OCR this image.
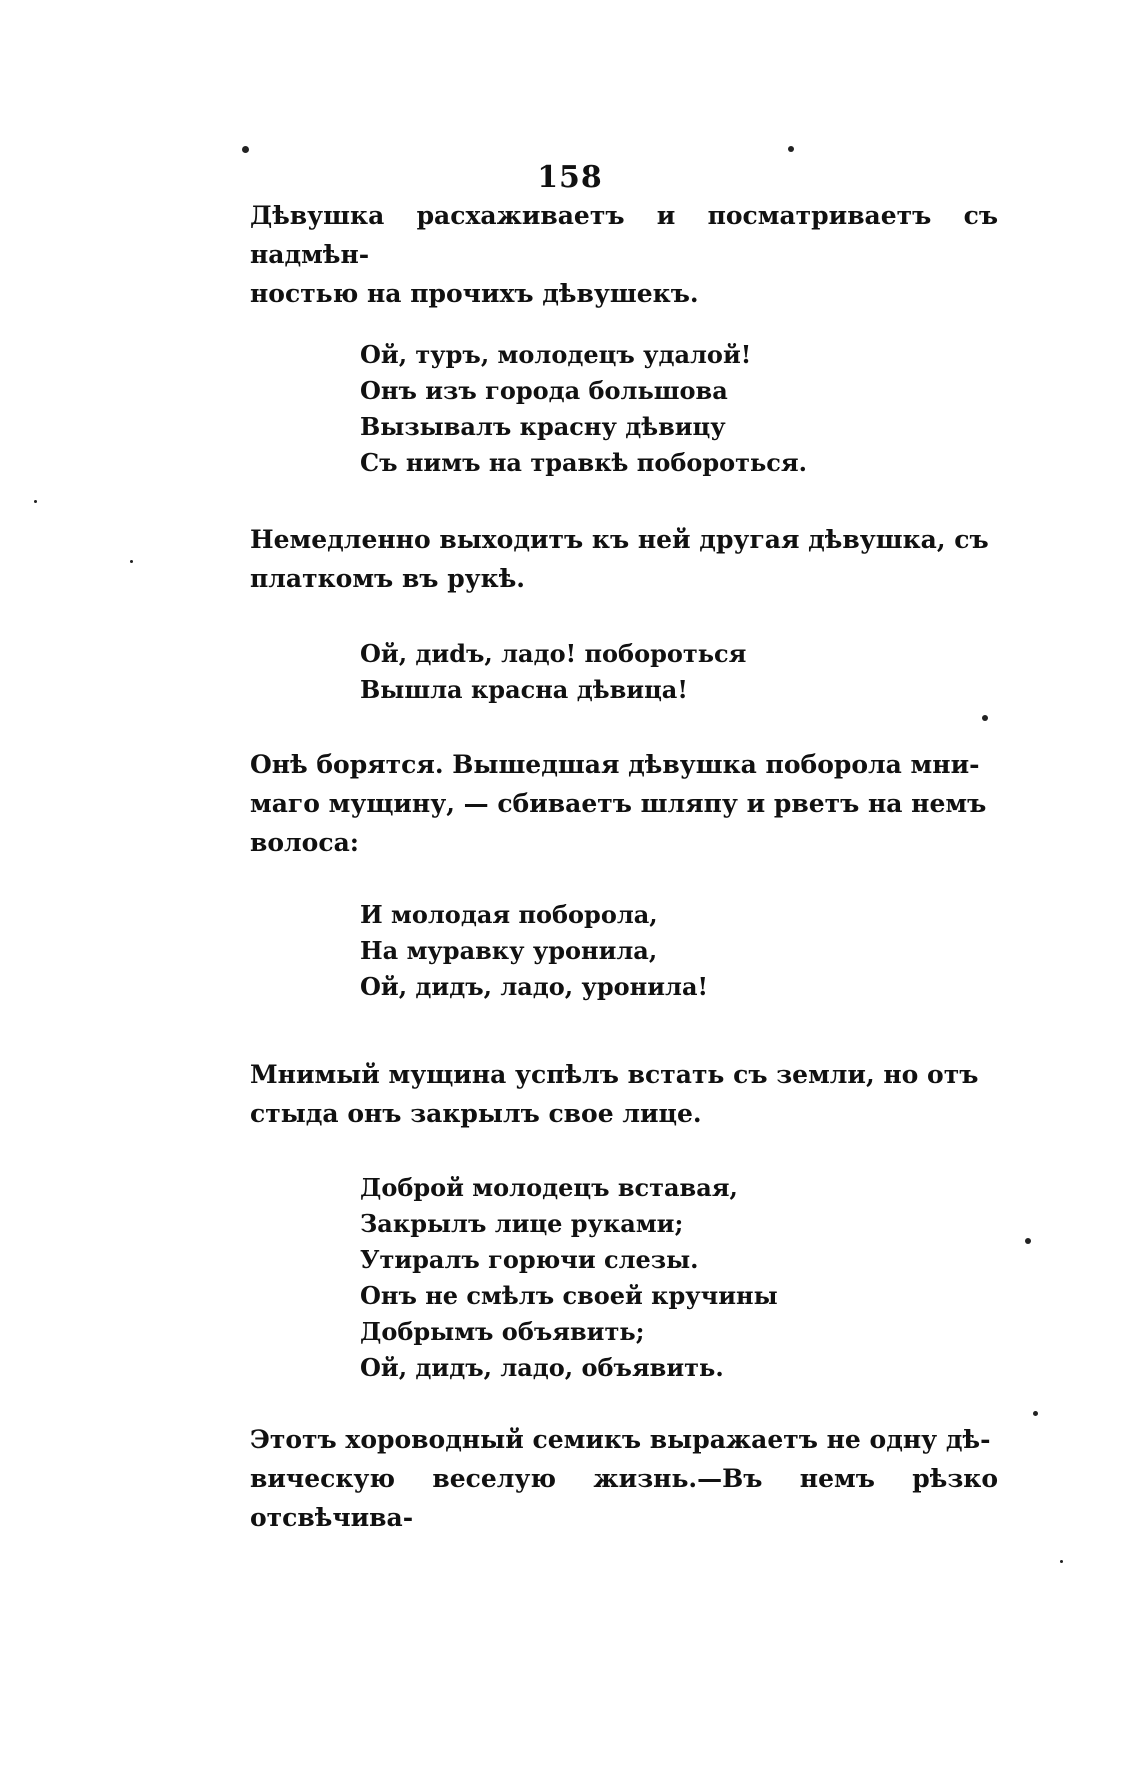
158
Дѣвушка расхаживаетъ и посматриваетъ съ надмѣн-
ностью на прочихъ дѣвушекъ.
Ой, туръ, молодецъ удалой!
Онъ изъ города большова
Вызывалъ красну дѣвицу
Съ нимъ на травкѣ побороться.
Немедленно выходитъ къ ней другая дѣвушка, съ
платкомъ въ рукѣ.
Ой, диdъ, ладо! побороться
Вышла красна дѣвица!
Онѣ борятся. Вышедшая дѣвушка поборола мни-
маго мущину, — сбиваетъ шляпу и рветъ на немъ
волоса:
И молодая поборола,
На муравку уронила,
Ой, дидъ, ладо, уронила!
Мнимый мущина успѣлъ встать съ земли, но отъ
стыда онъ закрылъ свое лице.
Доброй молодецъ вставая,
Закрылъ лице руками;
Утиралъ горючи слезы.
Онъ не смѣлъ своей кручины
Добрымъ объявить;
Ой, дидъ, ладо, объявить.
Этотъ хороводный семикъ выражаетъ не одну дѣ-
вическую веселую жизнь.—Въ немъ рѣзко отсвѣчива-
